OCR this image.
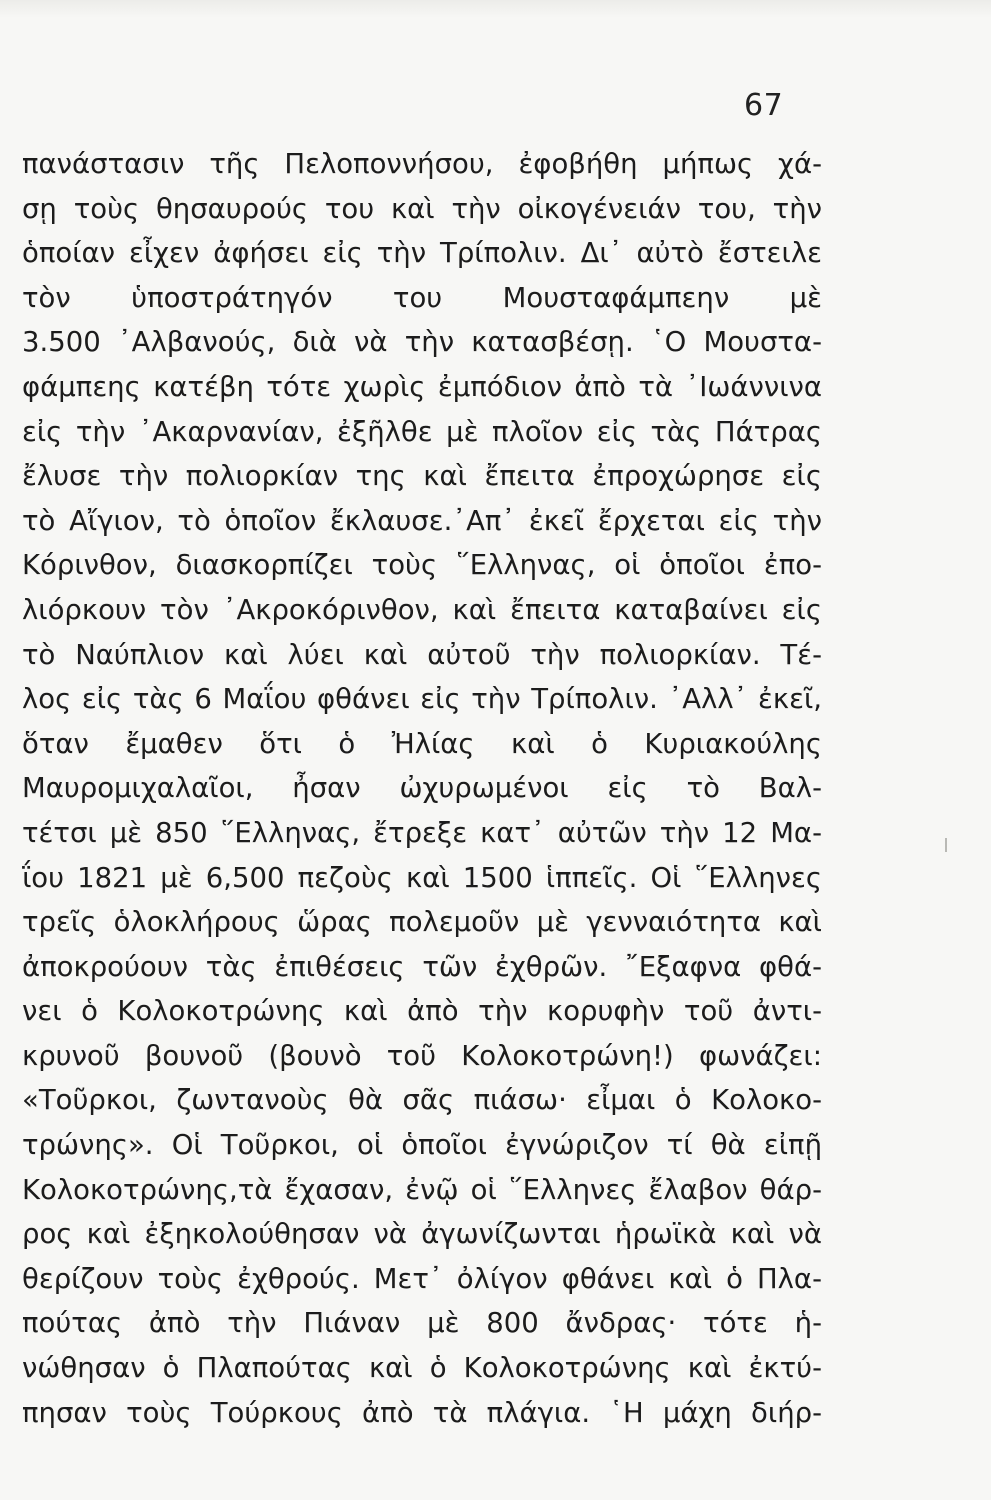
67
πανάστασιν τῆς Πελοποννήσου, ἐφοβήθη μήπως χά-
σῃ τοὺς θησαυρούς του καὶ τὴν οἰκογένειάν του, τὴν
ὁποίαν εἶχεν ἀφήσει εἰς τὴν Τρίπολιν. Δι᾽ αὐτὸ ἔστειλε
τὸν ὑποστράτηγόν του Μουσταφάμπεην μὲ
3.500 ᾽Αλβανούς, διὰ νὰ τὴν κατασβέσῃ. ῾Ο Μουστα-
φάμπεης κατέβη τότε χωρὶς ἐμπόδιον ἀπὸ τὰ ᾽Ιωάννινα
εἰς τὴν ᾽Ακαρνανίαν, ἐξῆλθε μὲ πλοῖον εἰς τὰς Πάτρας
ἔλυσε τὴν πολιορκίαν της καὶ ἔπειτα ἐπροχώρησε εἰς
τὸ Αἴγιον, τὸ ὁποῖον ἔκλαυσε.᾽Απ᾽ ἐκεῖ ἔρχεται εἰς τὴν
Κόρινθον, διασκορπίζει τοὺς ῞Ελληνας, οἱ ὁποῖοι ἐπο-
λιόρκουν τὸν ᾽Ακροκόρινθον, καὶ ἔπειτα καταβαίνει εἰς
τὸ Ναύπλιον καὶ λύει καὶ αὐτοῦ τὴν πολιορκίαν. Τέ-
λος εἰς τὰς 6 Μαΐου φθάνει εἰς τὴν Τρίπολιν. ᾽Αλλ᾽ ἐκεῖ,
ὅταν ἔμαθεν ὅτι ὁ Ἠλίας καὶ ὁ Κυριακούλης
Μαυρομιχαλαῖοι, ἦσαν ὠχυρωμένοι εἰς τὸ Βαλ-
τέτσι μὲ 850 ῞Ελληνας, ἔτρεξε κατ᾽ αὐτῶν τὴν 12 Μα-
ΐου 1821 μὲ 6,500 πεζοὺς καὶ 1500 ἱππεῖς. Οἱ ῞Ελληνες
τρεῖς ὁλοκλήρους ὥρας πολεμοῦν μὲ γενναιότητα καὶ
ἀποκρούουν τὰς ἐπιθέσεις τῶν ἐχθρῶν. ῎Εξαφνα φθά-
νει ὁ Κολοκοτρώνης καὶ ἀπὸ τὴν κορυφὴν τοῦ ἀντι-
κρυνοῦ βουνοῦ (βουνὸ τοῦ Κολοκοτρώνη!) φωνάζει:
«Τοῦρκοι, ζωντανοὺς θὰ σᾶς πιάσω· εἶμαι ὁ Κολοκο-
τρώνης». Οἱ Τοῦρκοι, οἱ ὁποῖοι ἐγνώριζον τί θὰ εἰπῇ
Κολοκοτρώνης,τὰ ἔχασαν, ἐνῷ οἱ ῞Ελληνες ἔλαβον θάρ-
ρος καὶ ἐξηκολούθησαν νὰ ἀγωνίζωνται ἡρωϊκὰ καὶ νὰ
θερίζουν τοὺς ἐχθρούς. Μετ᾽ ὀλίγον φθάνει καὶ ὁ Πλα-
πούτας ἀπὸ τὴν Πιάναν μὲ 800 ἄνδρας· τότε ἡ-
νώθησαν ὁ Πλαπούτας καὶ ὁ Κολοκοτρώνης καὶ ἐκτύ-
πησαν τοὺς Τούρκους ἀπὸ τὰ πλάγια. ῾Η μάχη διήρ-
